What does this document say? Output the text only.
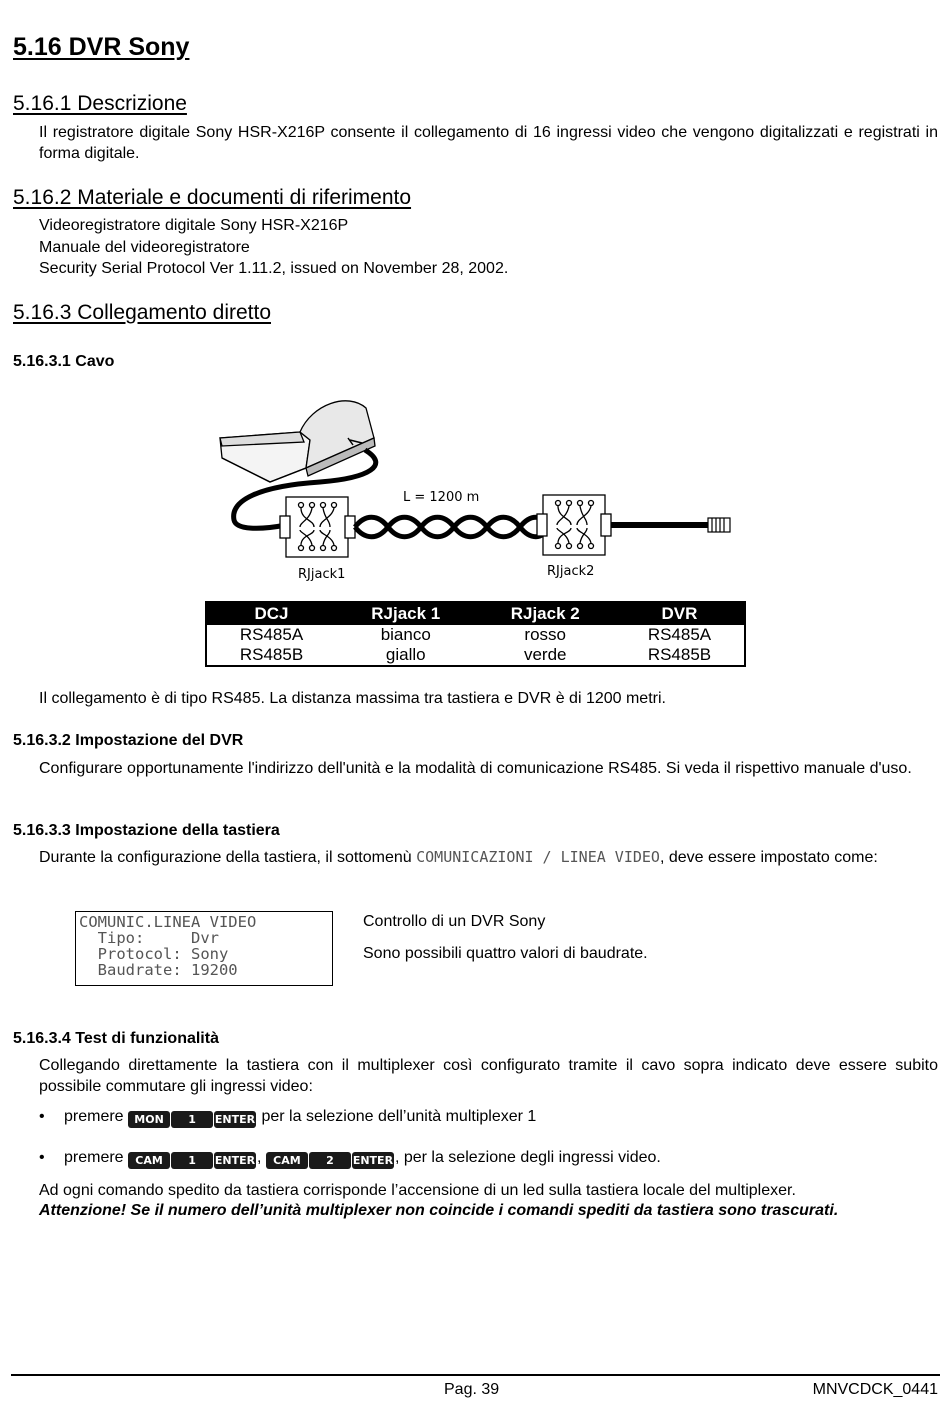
5.16 DVR Sony
5.16.1 Descrizione

Il registratore digitale Sony HSR-X216P consente il collegamento di 16 ingressi video che vengono digitalizzati e registrati in forma digitale.

5.16.2 Materiale e documenti di riferimento

Videoregistratore digitale Sony HSR-X216P

Manuale del videoregistratore

Security Serial Protocol Ver 1.11.2, issued on November 28, 2002.

5.16.3 Collegamento diretto
5.16.3.1 Cavo
L = 1200 m
RJjack1	RJjack2
DCJ	RJjack 1	RJjack 2	DVR
RS485A	bianco	rosso	RS485A
RS485B	giallo	verde	RS485B

Il collegamento è di tipo RS485. La distanza massima tra tastiera e DVR è di 1200 metri.

5.16.3.2 Impostazione del DVR

Configurare opportunamente l'indirizzo dell'unità e la modalità di comunicazione RS485. Si veda il rispettivo manuale d'uso.

5.16.3.3 Impostazione della tastiera

Durante la configurazione della tastiera, il sottomenù COMUNICAZIONI / LINEA VIDEO, deve essere impostato come:

COMUNIC.LINEA VIDEO
Tipo:     Dvr
Protocol: Sony
Baudrate: 19200

Controllo di un DVR Sony

Sono possibili quattro valori di baudrate.

5.16.3.4 Test di funzionalità

Collegando direttamente la tastiera con il multiplexer così configurato tramite il cavo sopra indicato deve essere subito possibile commutare gli ingressi video:

• premere MON 1 ENTER per la selezione dell’unità multiplexer 1
• premere CAM 1 ENTER , CAM 2 ENTER , per la selezione degli ingressi video.

Ad ogni comando spedito da tastiera corrisponde l’accensione di un led sulla tastiera locale del multiplexer.

Attenzione! Se il numero dell’unità multiplexer non coincide i comandi spediti da tastiera sono trascurati.

Pag. 39	MNVCDCK_0441
